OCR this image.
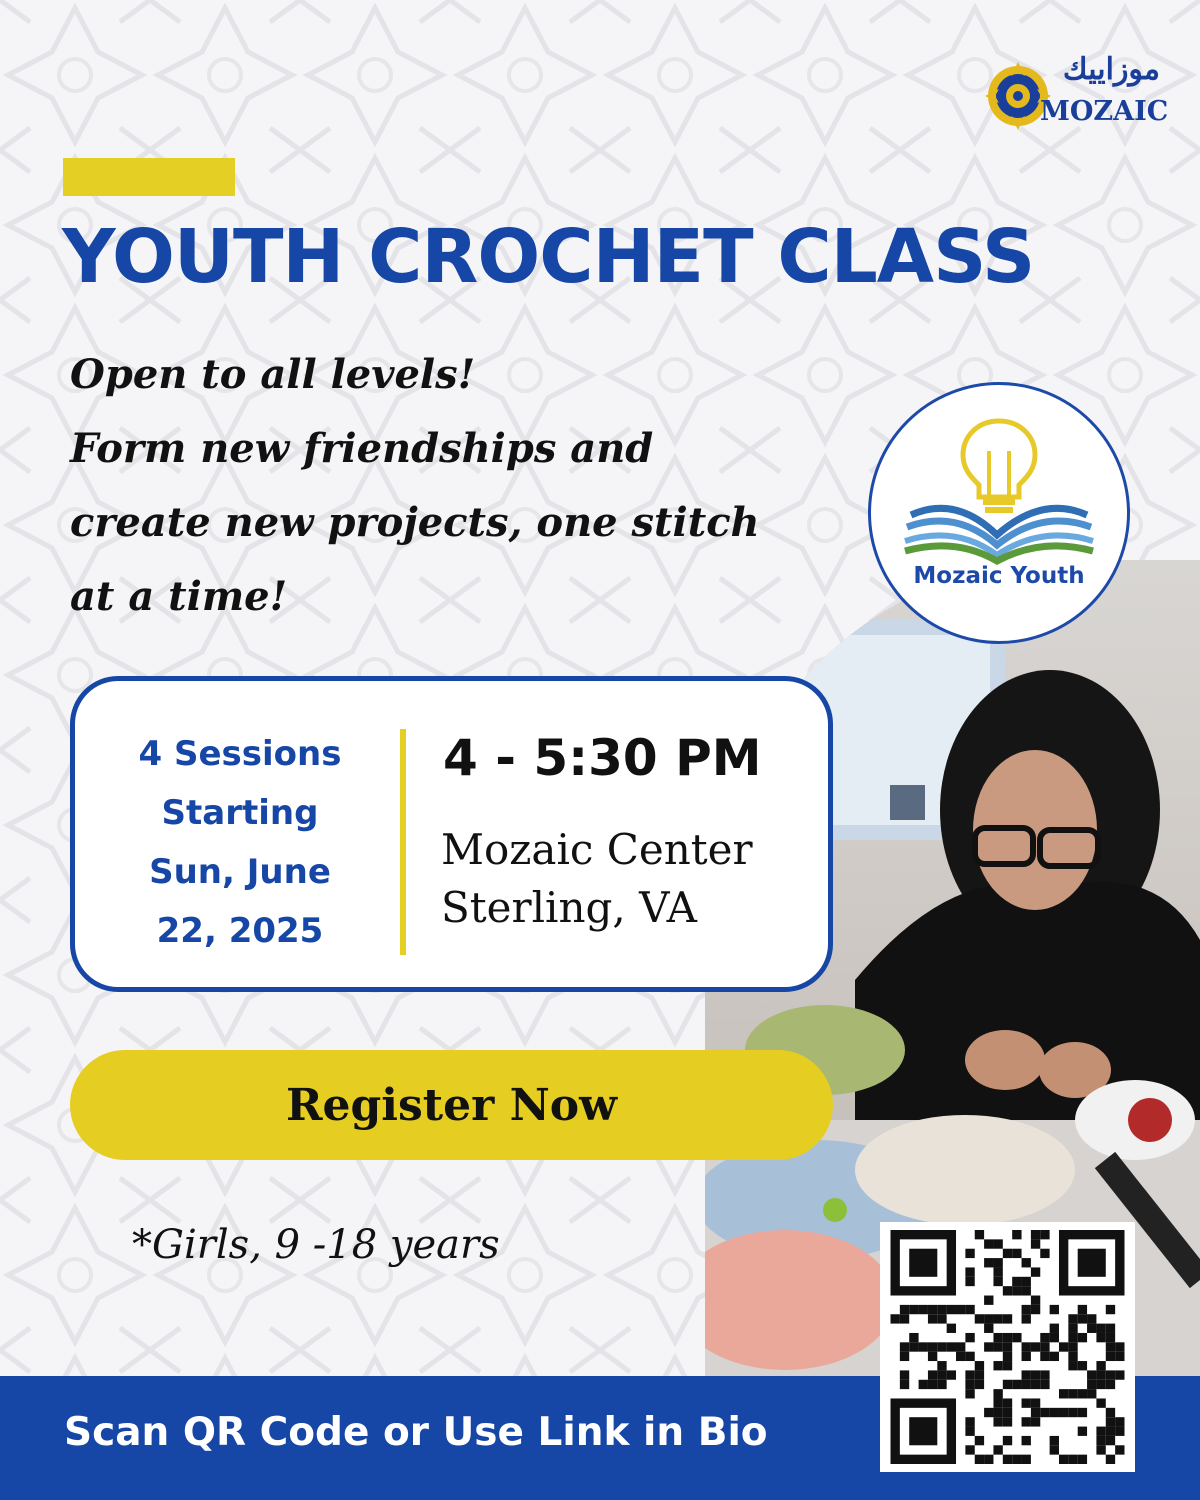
موزاييك
MOZAIC
YOUTH CROCHET CLASS
Open to all levels!
Form new friendships and
create new projects, one stitch
at a time!	Mozaic Youth
4 Sessions
Starting
Sun, June
22, 2025
4 - 5:30 PM
Mozaic Center
Sterling, VA
Register Now
*Girls, 9 -18 years
Scan QR Code or Use Link in Bio
